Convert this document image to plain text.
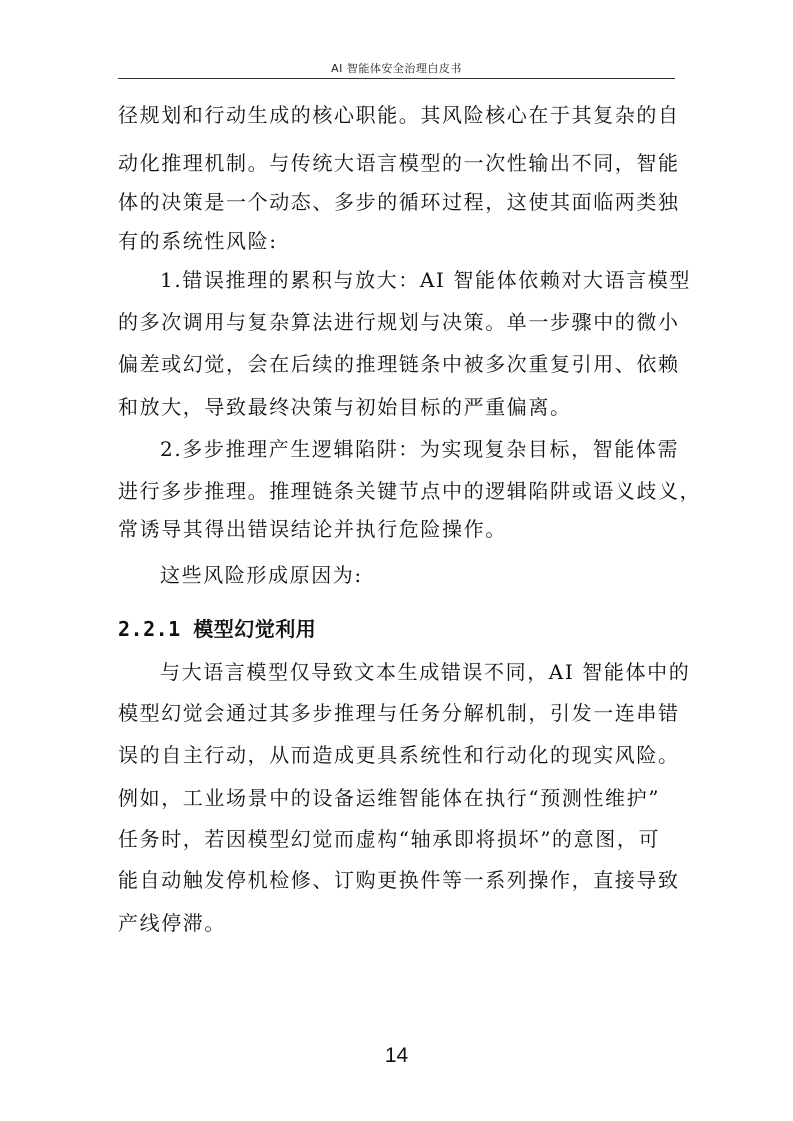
AI 智能体安全治理白皮书
径规划和行动生成的核心职能。其风险核心在于其复杂的自
动化推理机制。与传统大语言模型的一次性输出不同，智能
体的决策是一个动态、多步的循环过程，这使其面临两类独
有的系统性风险:
1.错误推理的累积与放大：AI 智能体依赖对大语言模型
的多次调用与复杂算法进行规划与决策。单一步骤中的微小
偏差或幻觉，会在后续的推理链条中被多次重复引用、依赖
和放大，导致最终决策与初始目标的严重偏离。
2.多步推理产生逻辑陷阱：为实现复杂目标，智能体需
进行多步推理。推理链条关键节点中的逻辑陷阱或语义歧义，
常诱导其得出错误结论并执行危险操作。
这些风险形成原因为:
2.2.1 模型幻觉利用
与大语言模型仅导致文本生成错误不同，AI 智能体中的
模型幻觉会通过其多步推理与任务分解机制，引发一连串错
误的自主行动，从而造成更具系统性和行动化的现实风险。
例如，工业场景中的设备运维智能体在执行“预测性维护”
任务时，若因模型幻觉而虚构“轴承即将损坏”的意图，可
能自动触发停机检修、订购更换件等一系列操作，直接导致
产线停滞。
14
